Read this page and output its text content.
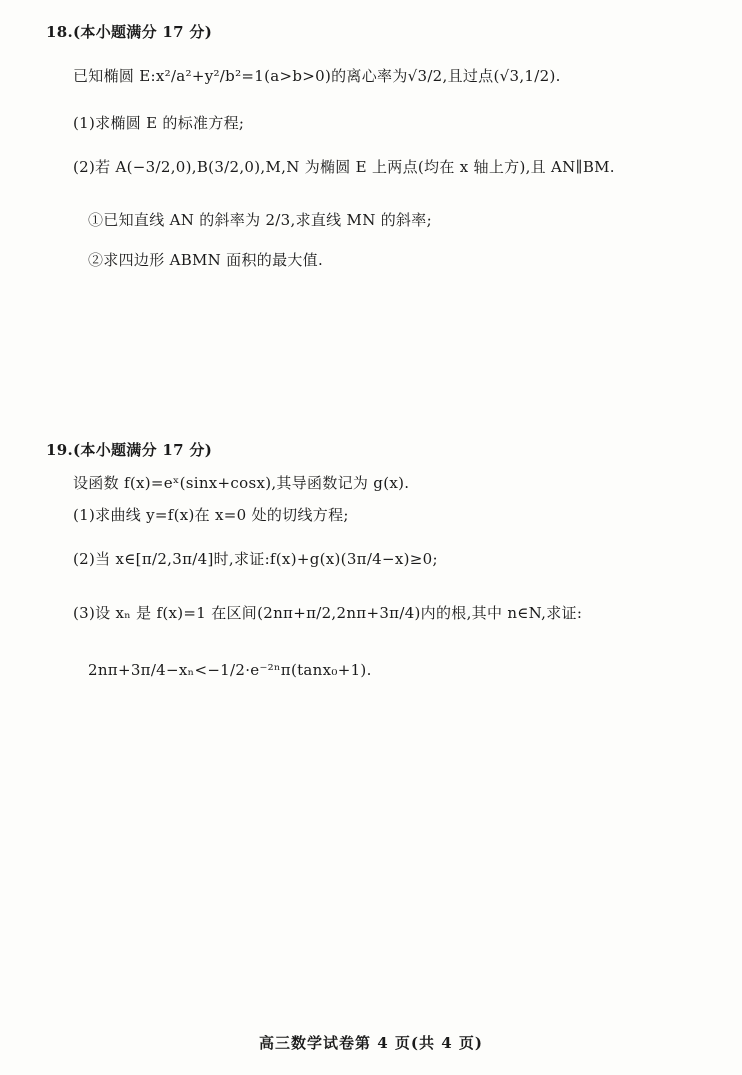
18.(本小题满分 17 分)
已知椭圆 E:x²/a²+y²/b²=1(a>b>0)的离心率为√3/2,且过点(√3,1/2).
(1)求椭圆 E 的标准方程;
(2)若 A(−3/2,0),B(3/2,0),M,N 为椭圆 E 上两点(均在 x 轴上方),且 AN∥BM.
①已知直线 AN 的斜率为 2/3,求直线 MN 的斜率;
②求四边形 ABMN 面积的最大值.
19.(本小题满分 17 分)
设函数 f(x)=eˣ(sinx+cosx),其导函数记为 g(x).
(1)求曲线 y=f(x)在 x=0 处的切线方程;
(2)当 x∈[π/2,3π/4]时,求证:f(x)+g(x)(3π/4−x)≥0;
(3)设 xₙ 是 f(x)=1 在区间(2nπ+π/2,2nπ+3π/4)内的根,其中 n∈N,求证:
2nπ+3π/4−xₙ<−1/2·e⁻²ⁿπ(tanx₀+1).
高三数学试卷第 4 页(共 4 页)
